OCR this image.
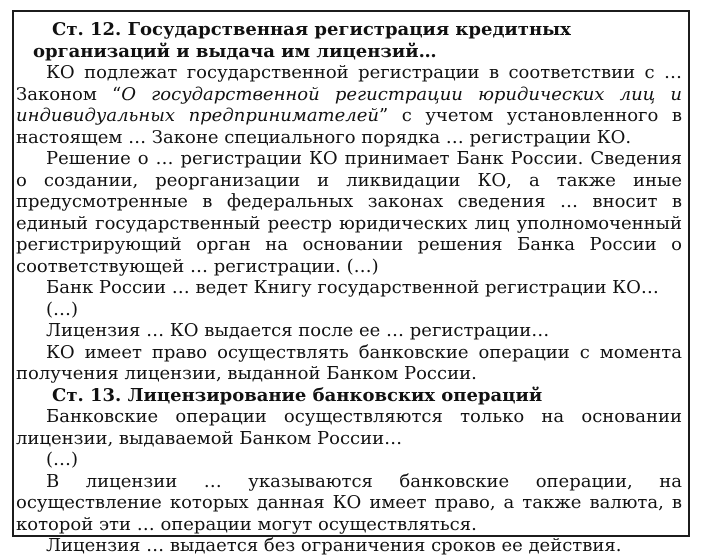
Ст. 12. Государственная регистрация кредитных организаций и выдача им лицензий…

КО подлежат государственной регистрации в соответствии с … Законом “О государственной регистрации юридических лиц и индивидуальных предпринимателей” с учетом установленного в настоящем … Законе специального порядка … регистрации КО.

Решение о … регистрации КО принимает Банк России. Сведения о создании, реорганизации и ликвидации КО, а также иные предусмотренные в федеральных законах сведения … вносит в единый государственный реестр юридических лиц уполномоченный регистрирующий орган на основании решения Банка России о соответствующей … регистрации. (…)

Банк России … ведет Книгу государственной регистрации КО…

(…)

Лицензия … КО выдается после ее … регистрации…

КО имеет право осуществлять банковские операции с момента получения лицензии, выданной Банком России.

Ст. 13. Лицензирование банковских операций

Банковские операции осуществляются только на основании лицензии, выдаваемой Банком России…

(…)

В лицензии … указываются банковские операции, на осуществление которых данная КО имеет право, а также валюта, в которой эти … операции могут осуществляться.

Лицензия … выдается без ограничения сроков ее действия.
